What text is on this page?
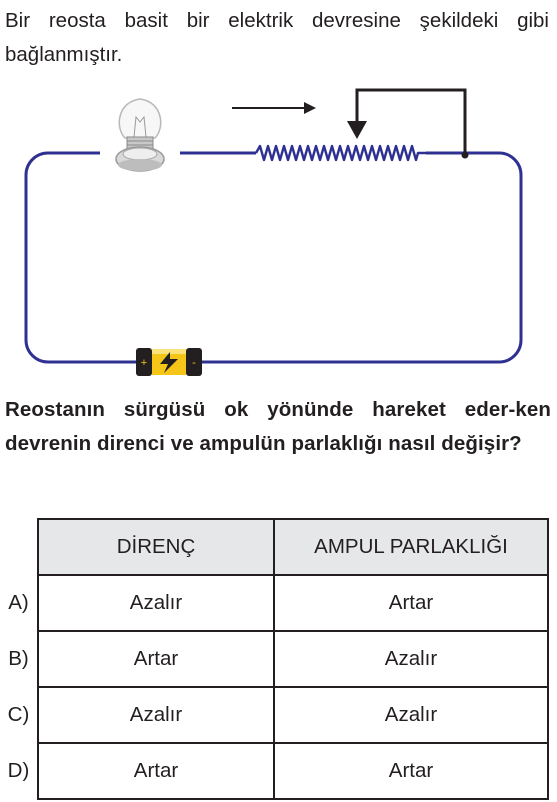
Bir reosta basit bir elektrik devresine şekildeki gibi bağlanmıştır.

+	-

Reostanın sürgüsü ok yönünde hareket eder-ken devrenin direnci ve ampulün parlaklığı nasıl değişir?

	DİRENÇ	AMPUL PARLAKLIĞI
A)	Azalır	Artar
B)	Artar	Azalır
C)	Azalır	Azalır
D)	Artar	Artar
